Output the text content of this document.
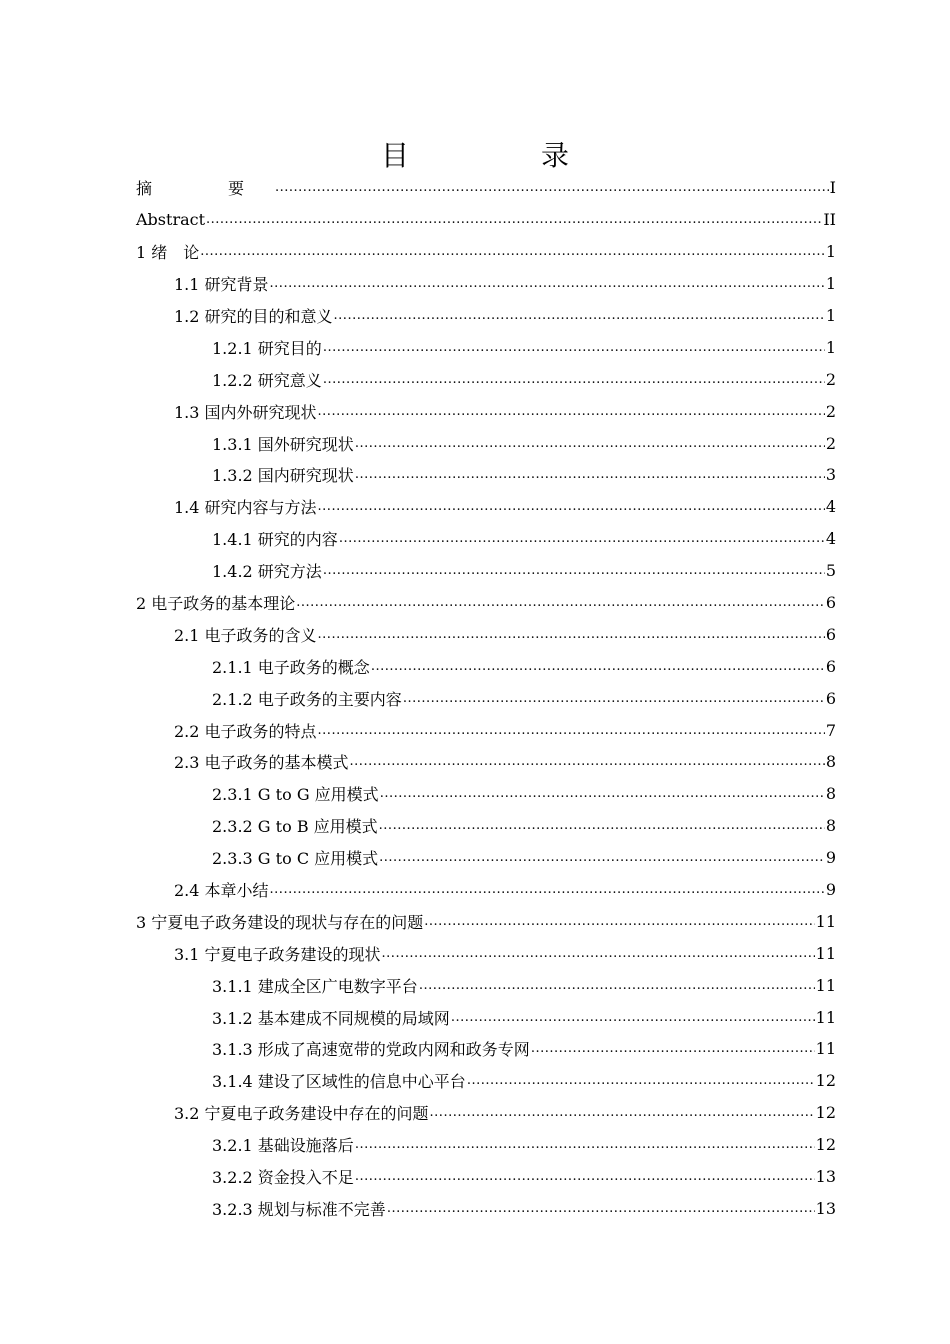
目　录
摘　要 .....	I
Abstract .....	II
1 绪　论 .....	1
1.1 研究背景 .....	1
1.2 研究的目的和意义 .....	1
1.2.1 研究目的 .....	1
1.2.2 研究意义 .....	2
1.3 国内外研究现状 .....	2
1.3.1 国外研究现状 .....	2
1.3.2 国内研究现状 .....	3
1.4 研究内容与方法 .....	4
1.4.1 研究的内容 .....	4
1.4.2 研究方法 .....	5
2 电子政务的基本理论 .....	6
2.1 电子政务的含义 .....	6
2.1.1 电子政务的概念 .....	6
2.1.2 电子政务的主要内容 .....	6
2.2 电子政务的特点 .....	7
2.3 电子政务的基本模式 .....	8
2.3.1 G to G 应用模式 .....	8
2.3.2 G to B 应用模式 .....	8
2.3.3 G to C 应用模式 .....	9
2.4 本章小结 .....	9
3 宁夏电子政务建设的现状与存在的问题 .....	11
3.1 宁夏电子政务建设的现状 .....	11
3.1.1 建成全区广电数字平台 .....	11
3.1.2 基本建成不同规模的局域网 .....	11
3.1.3 形成了高速宽带的党政内网和政务专网 .....	11
3.1.4 建设了区域性的信息中心平台 .....	12
3.2 宁夏电子政务建设中存在的问题 .....	12
3.2.1 基础设施落后 .....	12
3.2.2 资金投入不足 .....	13
3.2.3 规划与标准不完善 .....	13
